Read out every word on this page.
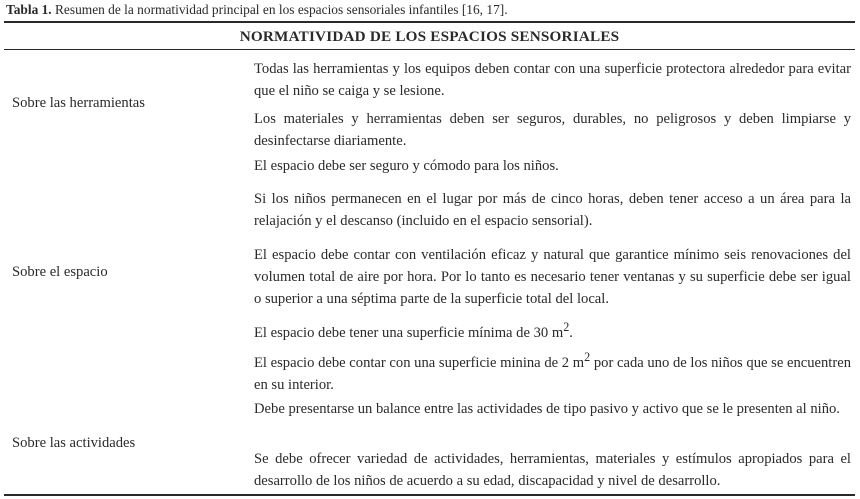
Tabla 1. Resumen de la normatividad principal en los espacios sensoriales infantiles [16, 17].
NORMATIVIDAD DE LOS ESPACIOS SENSORIALES
Sobre las herramientas
Sobre el espacio
Sobre las actividades
Todas las herramientas y los equipos deben contar con una superficie protectora alrededor para evitar que el niño se caiga y se lesione.
Los materiales y herramientas deben ser seguros, durables, no peligrosos y deben limpiarse y desinfectarse diariamente.
El espacio debe ser seguro y cómodo para los niños.
Si los niños permanecen en el lugar por más de cinco horas, deben tener acceso a un área para la relajación y el descanso (incluido en el espacio sensorial).
El espacio debe contar con ventilación eficaz y natural que garantice mínimo seis renovaciones del volumen total de aire por hora. Por lo tanto es necesario tener ventanas y su superficie debe ser igual o superior a una séptima parte de la superficie total del local.
El espacio debe tener una superficie mínima de 30 $m^2$.
El espacio debe contar con una superficie minina de 2 $m^2$ por cada uno de los niños que se encuentren en su interior.
Debe presentarse un balance entre las actividades de tipo pasivo y activo que se le presenten al niño.
Se debe ofrecer variedad de actividades, herramientas, materiales y estímulos apropiados para el desarrollo de los niños de acuerdo a su edad, discapacidad y nivel de desarrollo.
